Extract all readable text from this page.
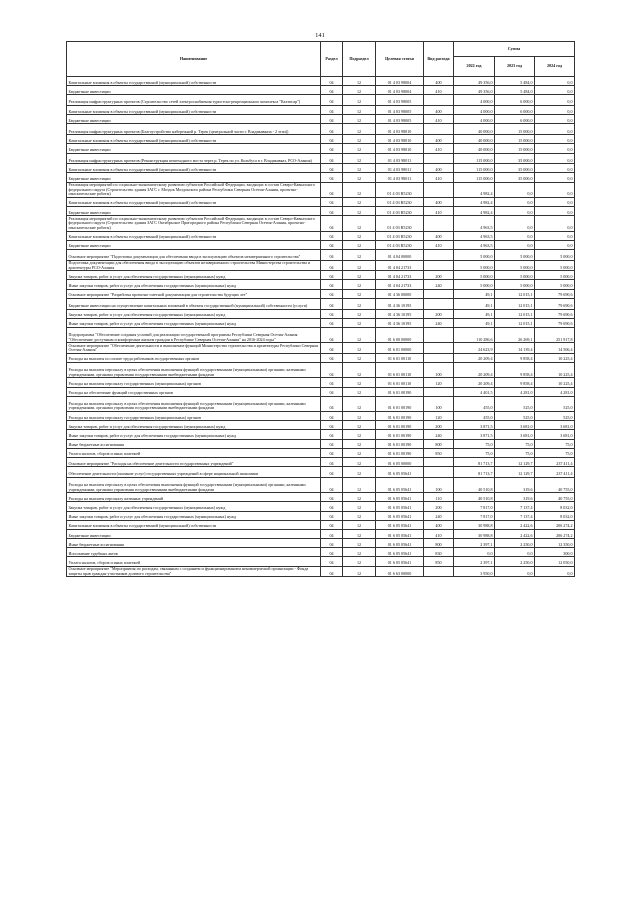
141
Наименование	Раздел	Подраздел	Целевая статья	Вид расхода	Сумма		
					2022 год	2023 год	2024 год
Капитальные вложения в объекты государственной (муниципальной) собственности	04	12	01 4 03 98004	400	49 356,0	5 484,0	0,0
Бюджетные инвестиции	04	12	01 4 03 98004	410	49 356,0	5 484,0	0,0
Реализация инфраструктурных проектов (Строительство сетей электроснабжения туристско-рекреационного комплекса "Кахтисар")	04	12	01 4 03 98005		4 000,0	6 000,0	0,0
Капитальные вложения в объекты государственной (муниципальной) собственности	04	12	01 4 03 98005	400	4 000,0	6 000,0	0,0
Бюджетные инвестиции	04	12	01 4 03 98005	410	4 000,0	6 000,0	0,0
Реализация инфраструктурных проектов (Благоустройство набережной р. Терек (центральной части г. Владикавказа - 2 этап))	04	12	01 4 03 98010		40 000,0	15 000,0	0,0
Капитальные вложения в объекты государственной (муниципальной) собственности	04	12	01 4 03 98010	400	40 000,0	15 000,0	0,0
Бюджетные инвестиции	04	12	01 4 03 98010	410	40 000,0	15 000,0	0,0
Реализация инфраструктурных проектов (Реконструкция пешеходного моста через р. Терек по ул. Кольбуса в г. Владикавказ, РСО-Алания)	04	12	01 4 03 98011		115 000,0	35 000,0	0,0
Капитальные вложения в объекты государственной (муниципальной) собственности	04	12	01 4 03 98011	400	115 000,0	35 000,0	0,0
Бюджетные инвестиции	04	12	01 4 03 98011	410	115 000,0	35 000,0	0,0
Реализация мероприятий по социально-экономическому развитию субъектов Российской Федерации, входящих в состав Северо-Кавказского федерального округа (Строительство здания ЗАГС г. Моздок Моздокского района Республики Северная Осетия-Алания, проектно-изыскательские работы)	04	12	01 4 03 R5230		4 982,4	0,0	0,0
Капитальные вложения в объекты государственной (муниципальной) собственности	04	12	01 4 03 R5230	400	4 982,4	0,0	0,0
Бюджетные инвестиции	04	12	01 4 03 R5230	410	4 982,4	0,0	0,0
Реализация мероприятий по социально-экономическому развитию субъектов Российской Федерации, входящих в состав Северо-Кавказского федерального округа (Строительство здания ЗАГС Октябрьское Пригородного района Республики Северная Осетия-Алания, проектно-изыскательские работы)	04	12	01 4 03 R5230		4 963,5	0,0	0,0
Капитальные вложения в объекты государственной (муниципальной) собственности	04	12	01 4 03 R5230	400	4 963,5	0,0	0,0
Бюджетные инвестиции	04	12	01 4 03 R5230	410	4 963,5	0,0	0,0
Основное мероприятие "Подготовка документации для обеспечения ввода в эксплуатацию объектов незавершенного строительства"	04	12	01 4 04 00000		5 000,0	5 000,0	5 000,0
Подготовка документации для обеспечения ввода в эксплуатацию объектов незавершенного строительства Министерства строительства и архитектуры РСО-Алания	04	12	01 4 04 21733		5 000,0	5 000,0	5 000,0
Закупка товаров, работ и услуг для обеспечения государственных (муниципальных) нужд	04	12	01 4 04 21733	200	5 000,0	5 000,0	5 000,0
Иные закупки товаров, работ и услуг для обеспечения государственных (муниципальных) нужд	04	12	01 4 04 21733	240	5 000,0	5 000,0	5 000,0
Основное мероприятие "Разработка проектно-сметной документации для строительства будущих лет"	04	12	01 4 36 00000		49,1	12 015,1	79 690,6
Бюджетные инвестиции на осуществление капитальных вложений в объекты государственной (муниципальной) собственности (услуги)	04	12	01 4 36 10195		49,1	12 015,1	79 690,6
Закупка товаров, работ и услуг для обеспечения государственных (муниципальных) нужд	04	12	01 4 36 10195	200	49,1	12 015,1	79 690,6
Иные закупки товаров, работ и услуг для обеспечения государственных (муниципальных) нужд	04	12	01 4 36 10195	240	49,1	12 015,1	79 690,6
Подпрограмма "Обеспечение создания условий для реализации государственной программы Республики Северная Осетия-Алания "Обеспечение доступным и комфортным жильем граждан в Республике Северная Осетия-Алания" на 2016-2024 годы"	04	12	01 6 00 00000		110 286,6	26 269,1	251 917,8
Основное мероприятие "Обеспечение деятельности и выполнение функций Министерства строительства и архитектуры Республики Северная Осетия-Алания"	04	12	01 6 01 00000		24 623,9	14 139,4	14 506,4
Расходы на выплаты по оплате труда работников государственных органов	04	12	01 6 01 00110		20 209,4	9 858,4	10 225,4
Расходы на выплаты персоналу в целях обеспечения выполнения функций государственными (муниципальными) органами, казенными учреждениями, органами управления государственными внебюджетными фондами	04	12	01 6 01 00110	100	20 209,4	9 858,4	10 225,4
Расходы на выплаты персоналу государственных (муниципальных) органов	04	12	01 6 01 00110	120	20 209,4	9 858,4	10 225,4
Расходы на обеспечение функций государственных органов	04	12	01 6 01 00190		4 401,5	4 281,0	4 281,0
Расходы на выплаты персоналу в целях обеспечения выполнения функций государственными (муниципальными) органами, казенными учреждениями, органами управления государственными внебюджетными фондами	04	12	01 6 01 00190	100	455,0	525,0	525,0
Расходы на выплаты персоналу государственных (муниципальных) органов	04	12	01 6 01 00190	120	455,0	525,0	525,0
Закупка товаров, работ и услуг для обеспечения государственных (муниципальных) нужд	04	12	01 6 01 00190	200	3 871,5	3 681,0	3 681,0
Иные закупки товаров, работ и услуг для обеспечения государственных (муниципальных) нужд	04	12	01 6 01 00190	240	3 871,5	3 681,0	3 681,0
Иные бюджетные ассигнования	04	12	01 6 01 00190	800	75,0	75,0	75,0
Уплата налогов, сборов и иных платежей	04	12	01 6 01 00190	850	75,0	75,0	75,0
Основное мероприятие "Расходы на обеспечение деятельности государственных учреждений"	04	12	01 6 05 00000		81 713,7	12 129,7	237 411,4
Обеспечение деятельности (оказание услуг) государственных учреждений в сфере национальной экономики	04	12	01 6 05 05641		81 713,7	12 129,7	237 411,4
Расходы на выплаты персоналу в целях обеспечения выполнения функций государственными (муниципальными) органами, казенными учреждениями, органами управления государственными внебюджетными фондами	04	12	01 6 05 05641	100	40 510,8	319,6	40 755,0
Расходы на выплаты персоналу казенных учреждений	04	12	01 6 05 05641	110	40 510,8	319,6	40 755,0
Закупка товаров, работ и услуг для обеспечения государственных (муниципальных) нужд	04	12	01 6 05 05641	200	7 817,0	7 137,4	8 032,0
Иные закупки товаров, работ и услуг для обеспечения государственных (муниципальных) нужд	04	12	01 6 05 05641	240	7 817,0	7 137,4	8 032,0
Капитальные вложения в объекты государственной (муниципальной) собственности	04	12	01 6 05 05641	400	30 988,8	2 422,6	206 274,2
Бюджетные инвестиции	04	12	01 6 05 05641	410	30 988,8	2 422,6	206 274,2
Иные бюджетные ассигнования	04	12	01 6 05 05641	800	2 397,1	2 250,0	12 350,0
Исполнение судебных актов	04	12	01 6 05 05641	830	0,0	0,0	300,0
Уплата налогов, сборов и иных платежей	04	12	01 6 05 05641	850	2 397,1	2 250,0	12 050,0
Основное мероприятие "Мероприятия по расходам, связанным с созданием и функционированием некоммерческой организации - Фонда защиты прав граждан-участников долевого строительства"	04	12	01 6 63 00000		3 950,0	0,0	0,0
